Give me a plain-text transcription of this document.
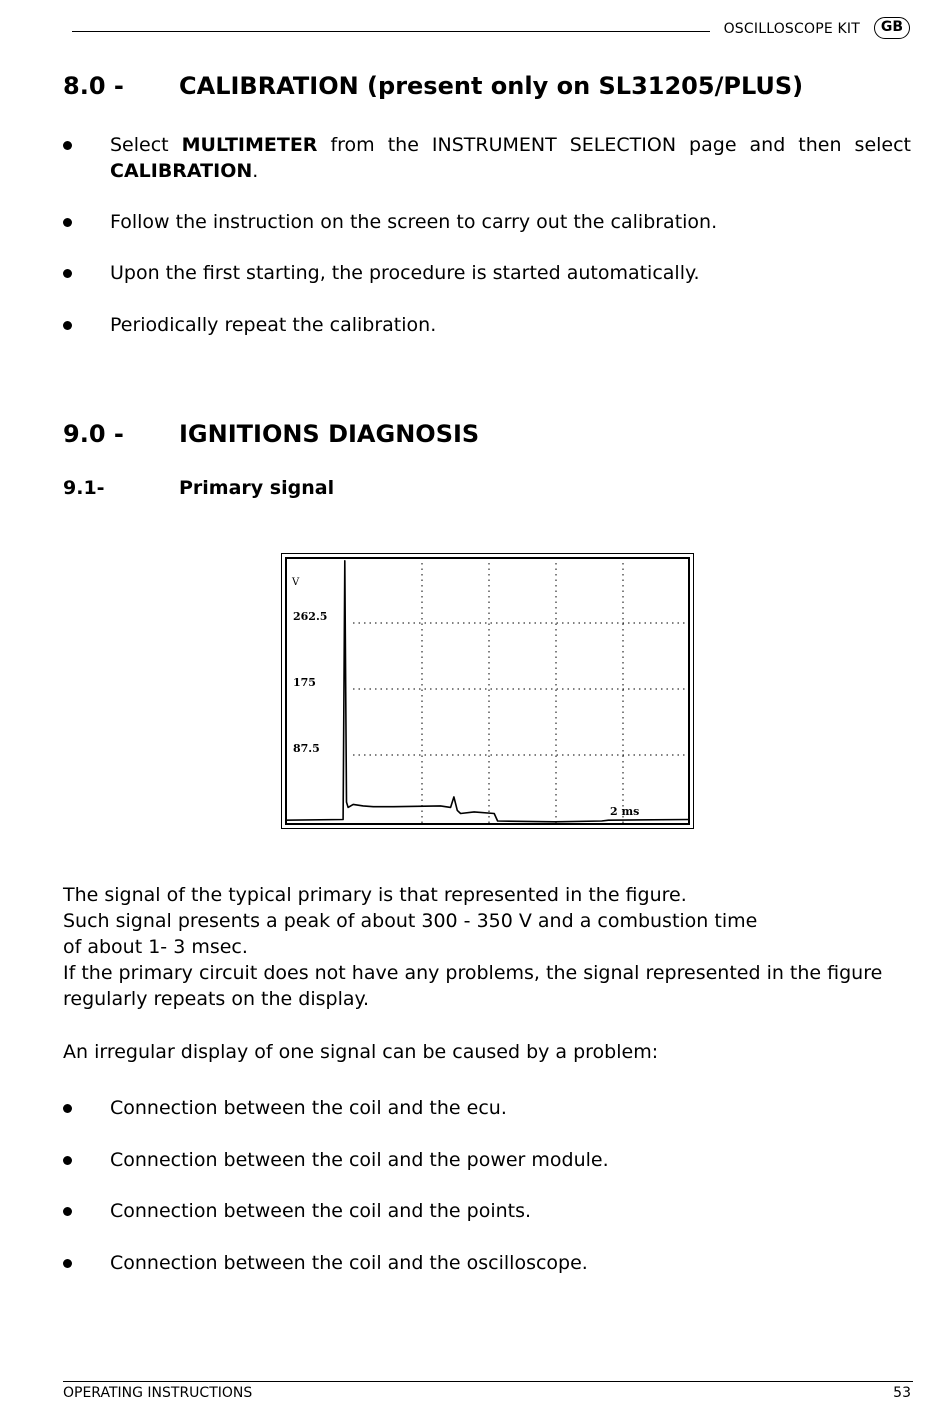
OSCILLOSCOPE KIT	GB
8.0 - CALIBRATION (present only on SL31205/PLUS)
Select MULTIMETER from the INSTRUMENT SELECTION page and then select CALIBRATION.
Follow the instruction on the screen to carry out the calibration.
Upon the first starting, the procedure is started automatically.
Periodically repeat the calibration.
9.0 - IGNITIONS DIAGNOSIS
9.1-	Primary signal
V
262.5
175
87.5
2 ms
The signal of the typical primary is that represented in the figure.
Such signal presents a peak of about 300 - 350 V and a combustion time
of about 1- 3 msec.
If the primary circuit does not have any problems, the signal represented in the figure
regularly repeats on the display.
An irregular display of one signal can be caused by a problem:
Connection between the coil and the ecu.
Connection between the coil and the power module.
Connection between the coil and the points.
Connection between the coil and the oscilloscope.
OPERATING INSTRUCTIONS	53
